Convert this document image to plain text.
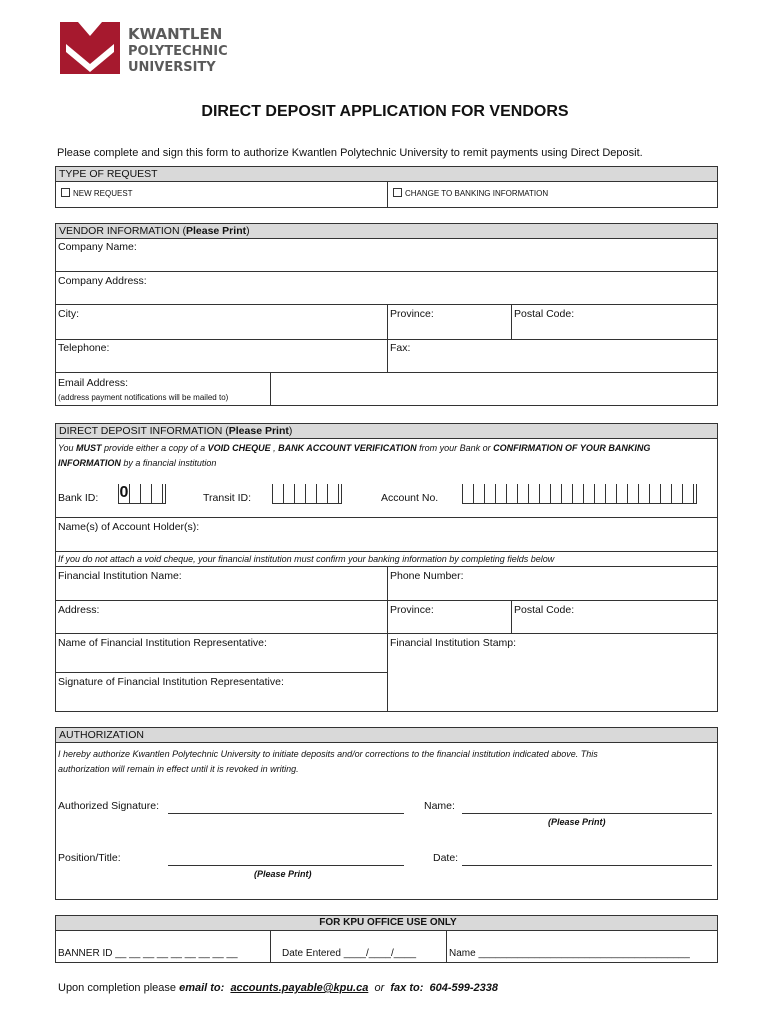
KWANTLEN
POLYTECHNIC
UNIVERSITY
DIRECT DEPOSIT APPLICATION FOR VENDORS
Please complete and sign this form to authorize Kwantlen Polytechnic University to remit payments using Direct Deposit.
TYPE OF REQUEST
NEW REQUEST	CHANGE TO BANKING INFORMATION
VENDOR INFORMATION (Please Print)
Company Name:
Company Address:
City:	Province:	Postal Code:
Telephone:	Fax:
Email Address:
(address payment notifications will be mailed to)
DIRECT DEPOSIT INFORMATION (Please Print)
You MUST provide either a copy of a VOID CHEQUE , BANK ACCOUNT VERIFICATION from your Bank or CONFIRMATION OF YOUR BANKING INFORMATION by a financial institution
Bank ID: 0	Transit ID:	Account No.
Name(s) of Account Holder(s):
If you do not attach a void cheque, your financial institution must confirm your banking information by completing fields below
Financial Institution Name:	Phone Number:
Address:	Province:	Postal Code:
Name of Financial Institution Representative:	Financial Institution Stamp:
Signature of Financial Institution Representative:
AUTHORIZATION
I hereby authorize Kwantlen Polytechnic University to initiate deposits and/or corrections to the financial institution indicated above. This
authorization will remain in effect until it is revoked in writing.
Authorized Signature:	Name:
(Please Print)
Position/Title:	Date:
(Please Print)
FOR KPU OFFICE USE ONLY
BANNER ID __ __ __ __ __ __ __ __ __	Date Entered ____/____/____	Name ______________________________________
Upon completion please email to: accounts.payable@kpu.ca or fax to: 604-599-2338
